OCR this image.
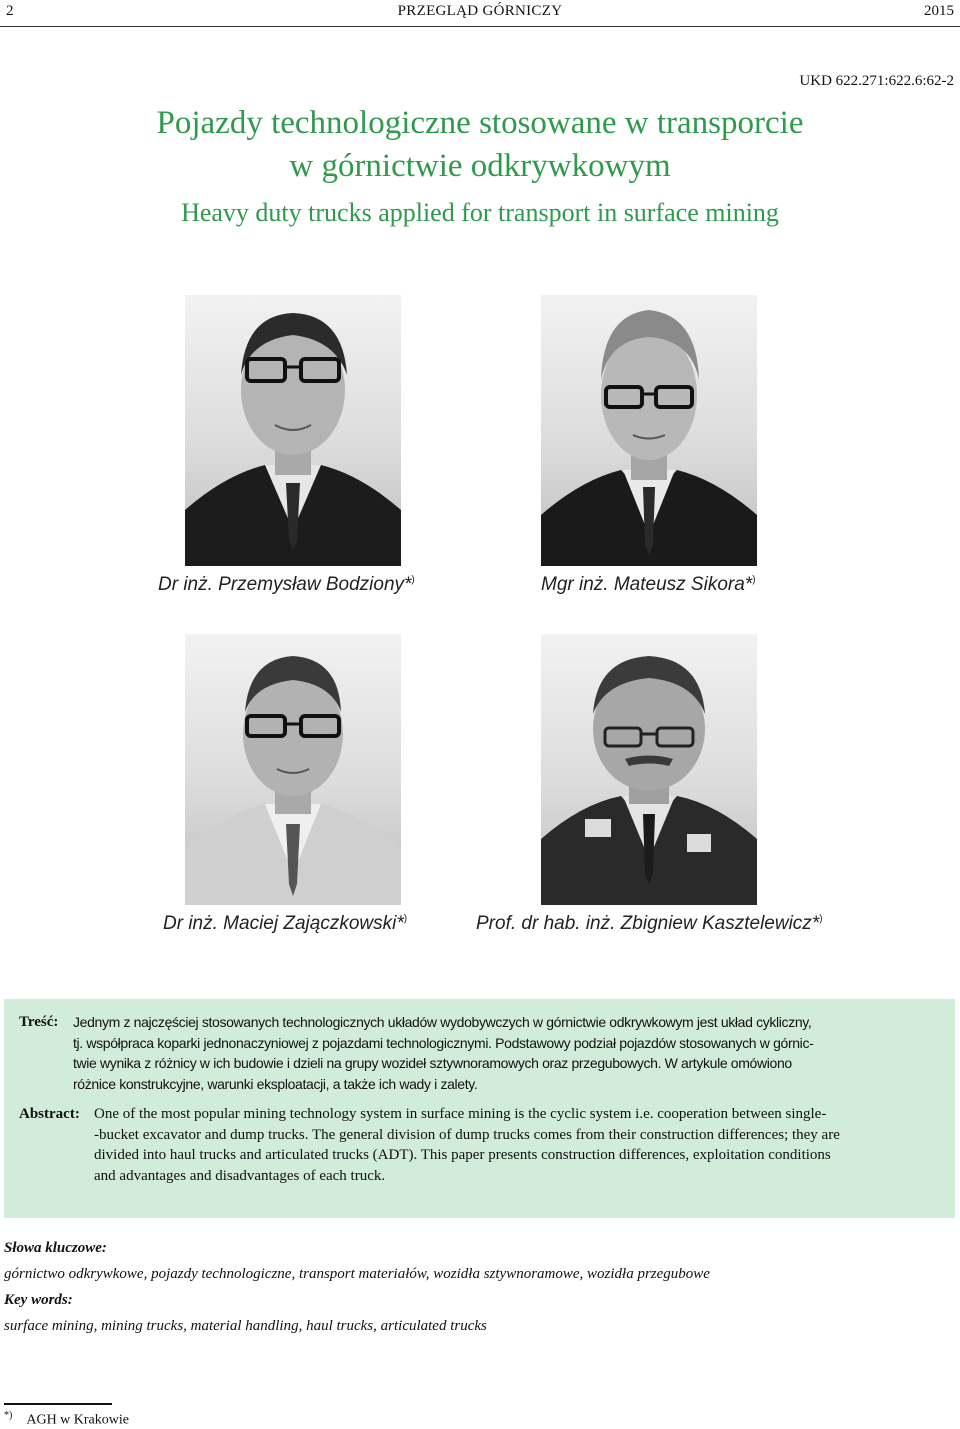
2	PRZEGLĄD GÓRNICZY	2015
UKD 622.271:622.6:62-2
Pojazdy technologiczne stosowane w transporcie
w górnictwie odkrywkowym
Heavy duty trucks applied for transport in surface mining
Dr inż. Przemysław Bodziony*)	Mgr inż. Mateusz Sikora*)
Dr inż. Maciej Zajączkowski*)	Prof. dr hab. inż. Zbigniew Kasztelewicz*)
Treść: Jednym z najczęściej stosowanych technologicznych układów wydobywczych w górnictwie odkrywkowym jest układ cykliczny,
tj. współpraca koparki jednonaczyniowej z pojazdami technologicznymi. Podstawowy podział pojazdów stosowanych w górnic-
twie wynika z różnicy w ich budowie i dzieli na grupy wozideł sztywnoramowych oraz przegubowych. W artykule omówiono
różnice konstrukcyjne, warunki eksploatacji, a także ich wady i zalety.
Abstract: One of the most popular mining technology system in surface mining is the cyclic system i.e. cooperation between single-
-bucket excavator and dump trucks. The general division of dump trucks comes from their construction differences; they are
divided into haul trucks and articulated trucks (ADT). This paper presents construction differences, exploitation conditions
and advantages and disadvantages of each truck.
Słowa kluczowe:
górnictwo odkrywkowe, pojazdy technologiczne, transport materiałów, wozidła sztywnoramowe, wozidła przegubowe
Key words:
surface mining, mining trucks, material handling, haul trucks, articulated trucks
*) AGH w Krakowie
